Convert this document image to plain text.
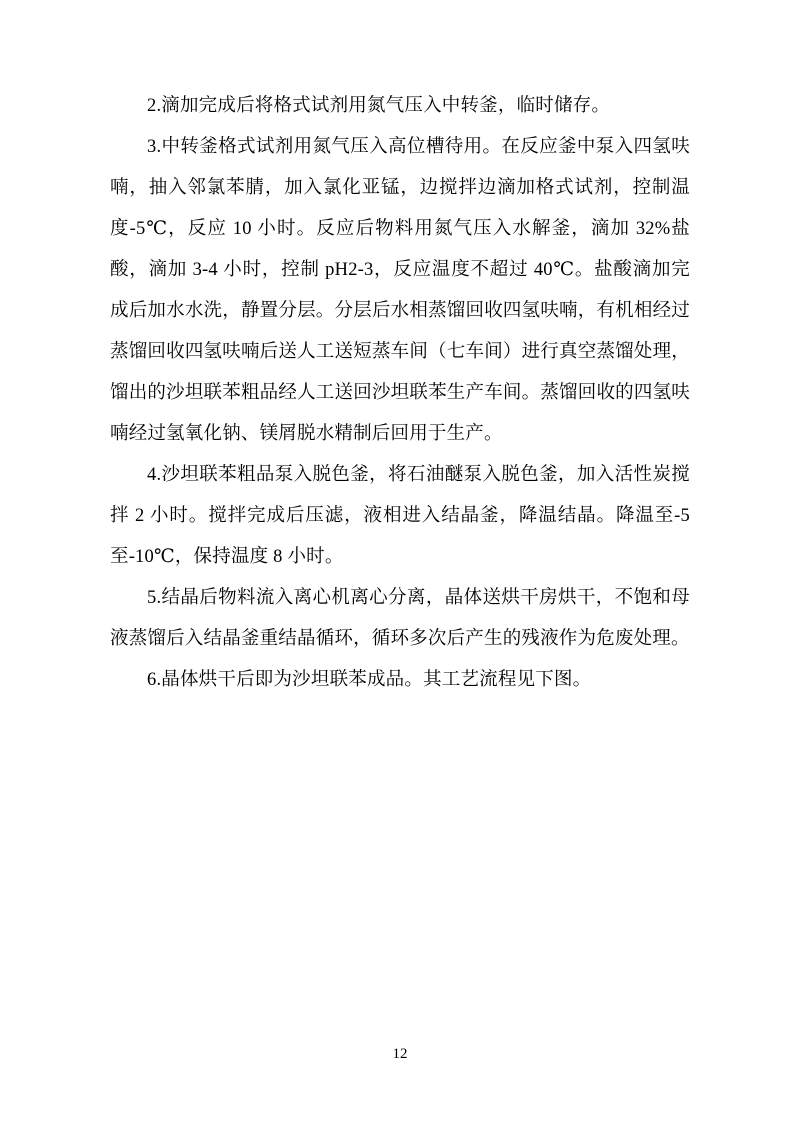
2.滴加完成后将格式试剂用氮气压入中转釜，临时储存。

3.中转釜格式试剂用氮气压入高位槽待用。在反应釜中泵入四氢呋喃，抽入邻氯苯腈，加入氯化亚锰，边搅拌边滴加格式试剂，控制温度-5℃，反应 10 小时。反应后物料用氮气压入水解釜，滴加 32%盐酸，滴加 3-4 小时，控制 pH2-3，反应温度不超过 40℃。盐酸滴加完成后加水水洗，静置分层。分层后水相蒸馏回收四氢呋喃，有机相经过蒸馏回收四氢呋喃后送人工送短蒸车间（七车间）进行真空蒸馏处理，馏出的沙坦联苯粗品经人工送回沙坦联苯生产车间。蒸馏回收的四氢呋喃经过氢氧化钠、镁屑脱水精制后回用于生产。

4.沙坦联苯粗品泵入脱色釜，将石油醚泵入脱色釜，加入活性炭搅拌 2 小时。搅拌完成后压滤，液相进入结晶釜，降温结晶。降温至-5 至-10℃，保持温度 8 小时。

5.结晶后物料流入离心机离心分离，晶体送烘干房烘干，不饱和母液蒸馏后入结晶釜重结晶循环，循环多次后产生的残液作为危废处理。

6.晶体烘干后即为沙坦联苯成品。其工艺流程见下图。

12
